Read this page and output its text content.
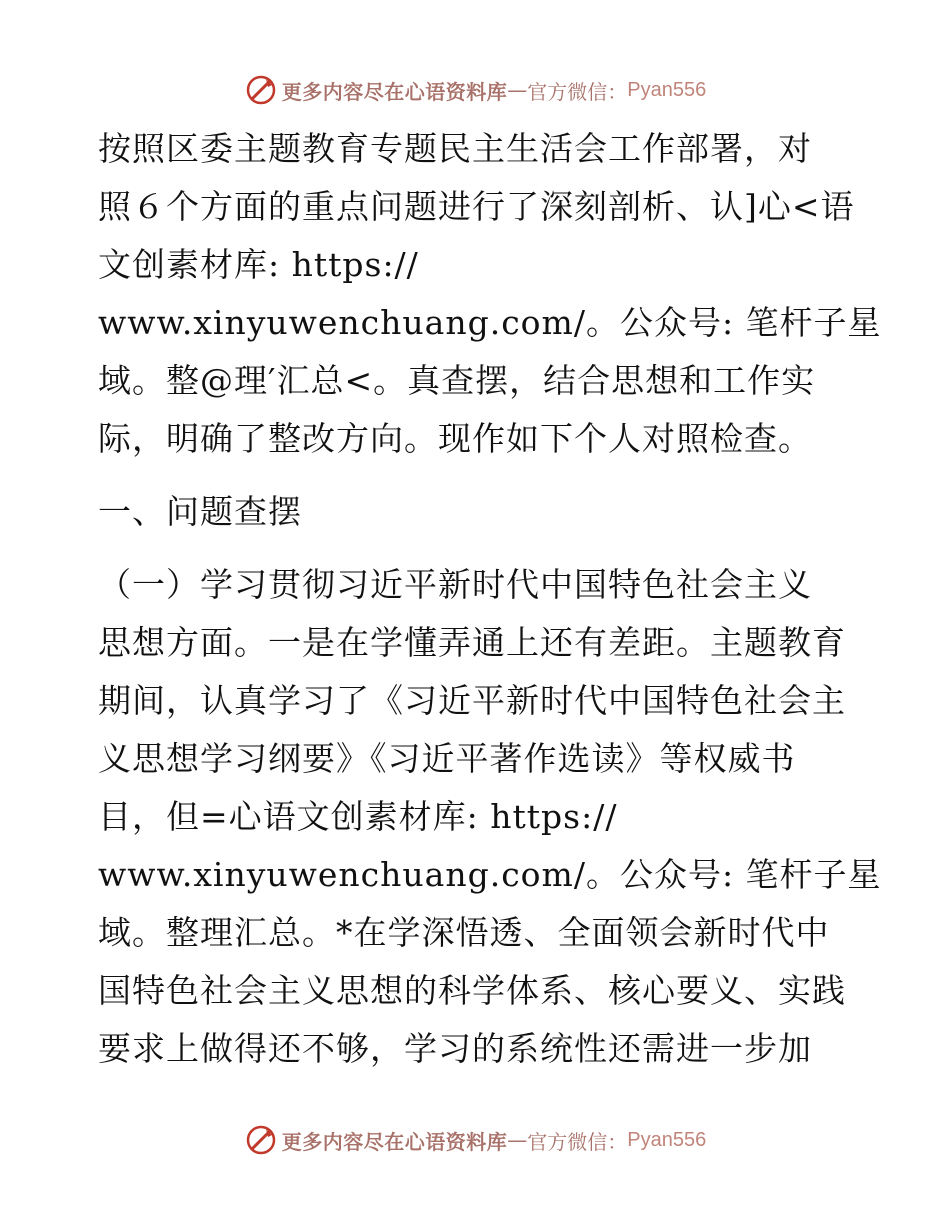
更多内容尽在心语资料库 — 官方微信： Pyan556
按照区委主题教育专题民主生活会工作部署，对
照６个方面的重点问题进行了深刻剖析、认]心<语
文创素材库: https://
www.xinyuwenchuang.com/。公众号: 笔杆子星
域。整@理′汇总<。真查摆，结合思想和工作实
际，明确了整改方向。现作如下个人对照检查。
一、问题查摆
（一）学习贯彻习近平新时代中国特色社会主义
思想方面。一是在学懂弄通上还有差距。主题教育
期间，认真学习了《习近平新时代中国特色社会主
义思想学习纲要》《习近平著作选读》等权威书
目，但=心语文创素材库: https://
www.xinyuwenchuang.com/。公众号: 笔杆子星
域。整理汇总。*在学深悟透、全面领会新时代中
国特色社会主义思想的科学体系、核心要义、实践
要求上做得还不够，学习的系统性还需进一步加
更多内容尽在心语资料库 — 官方微信： Pyan556
